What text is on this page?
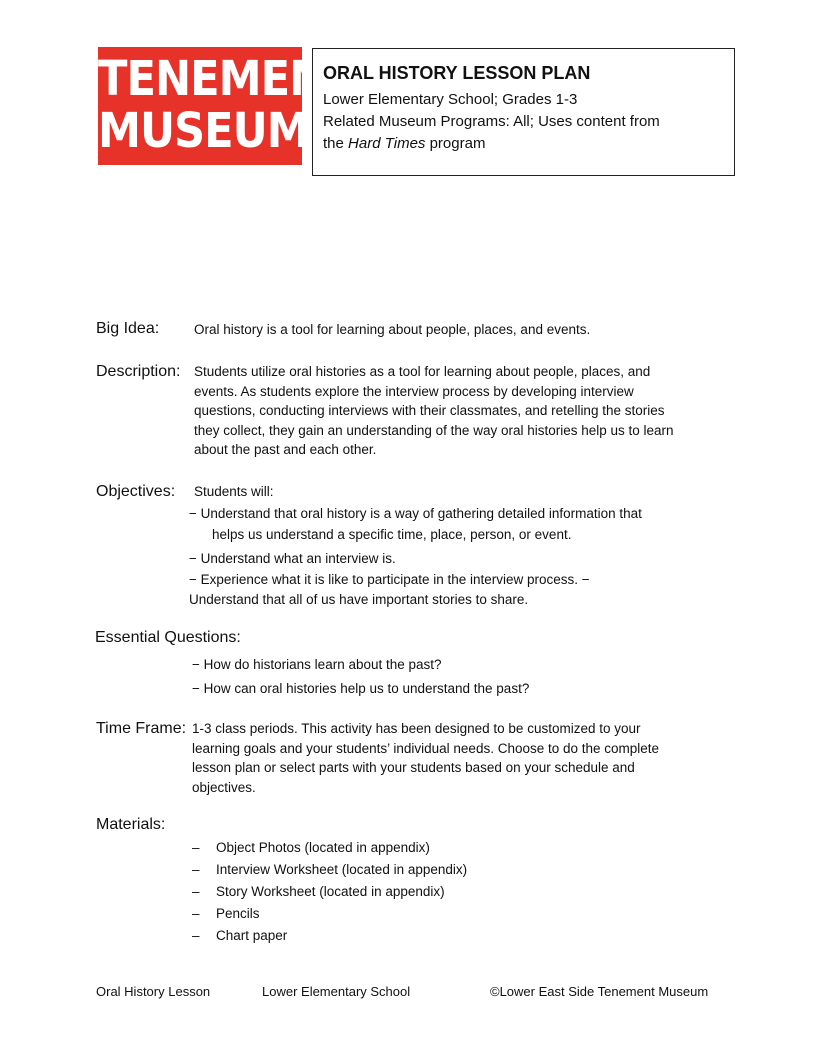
TENEMENT
MUSEUM
ORAL HISTORY LESSON PLAN
Lower Elementary School; Grades 1-3
Related Museum Programs: All; Uses content from
the Hard Times program
Big Idea:	Oral history is a tool for learning about people, places, and events.
Description: Students utilize oral histories as a tool for learning about people, places, and
events. As students explore the interview process by developing interview
questions, conducting interviews with their classmates, and retelling the stories
they collect, they gain an understanding of the way oral histories help us to learn
about the past and each other.
Objectives: Students will:
− Understand that oral history is a way of gathering detailed information that
helps us understand a specific time, place, person, or event.
− Understand what an interview is.
− Experience what it is like to participate in the interview process. −
Understand that all of us have important stories to share.
Essential Questions:
− How do historians learn about the past?
− How can oral histories help us to understand the past?
Time Frame: 1-3 class periods. This activity has been designed to be customized to your
learning goals and your students’ individual needs. Choose to do the complete
lesson plan or select parts with your students based on your schedule and
objectives.
Materials:
– Object Photos (located in appendix)
– Interview Worksheet (located in appendix)
– Story Worksheet (located in appendix)
– Pencils
– Chart paper
Oral History Lesson	Lower Elementary School	©Lower East Side Tenement Museum
